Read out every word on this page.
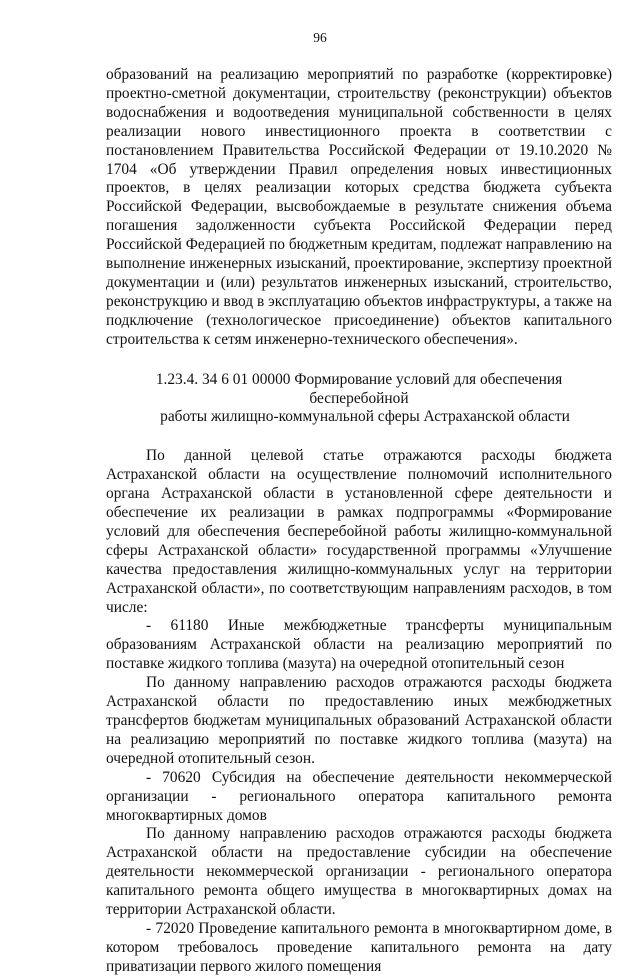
96

образований на реализацию мероприятий по разработке (корректировке) проектно-сметной документации, строительству (реконструкции) объектов водоснабжения и водоотведения муниципальной собственности в целях реализации нового инвестиционного проекта в соответствии с постановлением Правительства Российской Федерации от 19.10.2020 № 1704 «Об утверждении Правил определения новых инвестиционных проектов, в целях реализации которых средства бюджета субъекта Российской Федерации, высвобождаемые в результате снижения объема погашения задолженности субъекта Российской Федерации перед Российской Федерацией по бюджетным кредитам, подлежат направлению на выполнение инженерных изысканий, проектирование, экспертизу проектной документации и (или) результатов инженерных изысканий, строительство, реконструкцию и ввод в эксплуатацию объектов инфраструктуры, а также на подключение (технологическое присоединение) объектов капитального строительства к сетям инженерно-технического обеспечения».

1.23.4. 34 6 01 00000 Формирование условий для обеспечения бесперебойной
работы жилищно-коммунальной сферы Астраханской области

По данной целевой статье отражаются расходы бюджета Астраханской области на осуществление полномочий исполнительного органа Астраханской области в установленной сфере деятельности и обеспечение их реализации в рамках подпрограммы «Формирование условий для обеспечения бесперебойной работы жилищно-коммунальной сферы Астраханской области» государственной программы «Улучшение качества предоставления жилищно-коммунальных услуг на территории Астраханской области», по соответствующим направлениям расходов, в том числе:

- 61180 Иные межбюджетные трансферты муниципальным образованиям Астраханской области на реализацию мероприятий по поставке жидкого топлива (мазута) на очередной отопительный сезон

По данному направлению расходов отражаются расходы бюджета Астраханской области по предоставлению иных межбюджетных трансфертов бюджетам муниципальных образований Астраханской области на реализацию мероприятий по поставке жидкого топлива (мазута) на очередной отопительный сезон.

- 70620 Субсидия на обеспечение деятельности некоммерческой организации - регионального оператора капитального ремонта многоквартирных домов

По данному направлению расходов отражаются расходы бюджета Астраханской области на предоставление субсидии на обеспечение деятельности некоммерческой организации - регионального оператора капитального ремонта общего имущества в многоквартирных домах на территории Астраханской области.

- 72020 Проведение капитального ремонта в многоквартирном доме, в котором требовалось проведение капитального ремонта на дату приватизации первого жилого помещения
